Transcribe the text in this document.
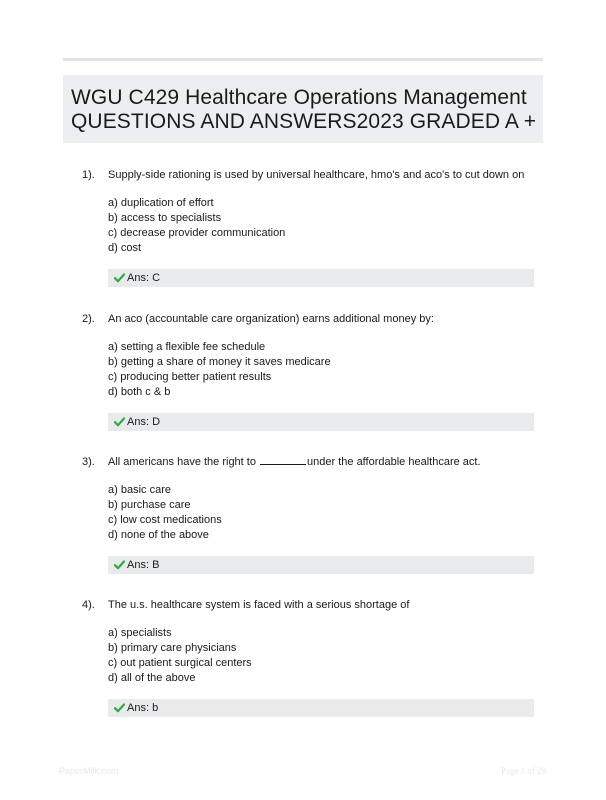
WGU C429 Healthcare Operations Management
QUESTIONS AND ANSWERS2023 GRADED A +
1). Supply-side rationing is used by universal healthcare, hmo's and aco's to cut down on
a) duplication of effort
b) access to specialists
c) decrease provider communication
d) cost
Ans: C
2). An aco (accountable care organization) earns additional money by:
a) setting a flexible fee schedule
b) getting a share of money it saves medicare
c) producing better patient results
d) both c & b
Ans: D
3). All americans have the right to	under the affordable healthcare act.
a) basic care
b) purchase care
c) low cost medications
d) none of the above
Ans: B
4). The u.s. healthcare system is faced with a serious shortage of
a) specialists
b) primary care physicians
c) out patient surgical centers
d) all of the above
Ans: b
PaperMilk.com	Page 1 of 28
